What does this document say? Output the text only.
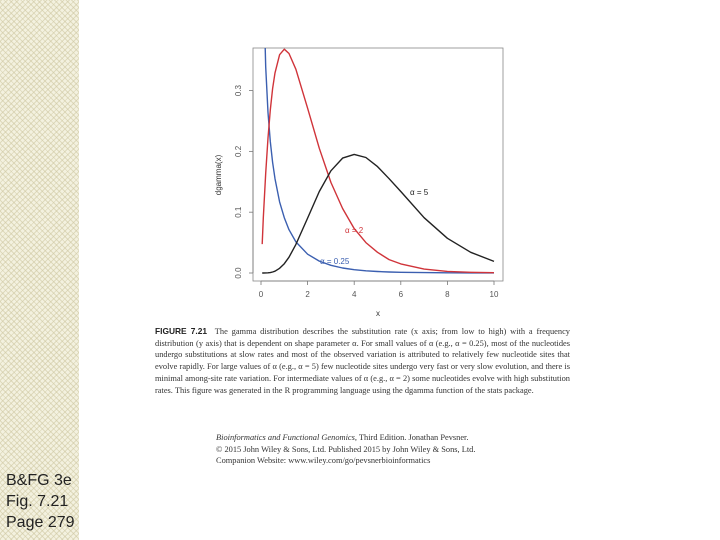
B&FG 3e
Fig. 7.21
Page 279
0	2	4	6	8	10
0.0
0.1
0.2
0.3
x
dgamma(x)	α = 5
α = 2
α = 0.25
FIGURE 7.21 The gamma distribution describes the substitution rate (x axis; from low to high) with a frequency distribution (y axis) that is dependent on shape parameter α. For small values of α (e.g., α = 0.25), most of the nucleotides undergo substitutions at slow rates and most of the observed variation is attributed to relatively few nucleotide sites that evolve rapidly. For large values of α (e.g., α = 5) few nucleotide sites undergo very fast or very slow evolution, and there is minimal among-site rate variation. For intermediate values of α (e.g., α = 2) some nucleotides evolve with high substitution rates. This figure was generated in the R programming language using the dgamma function of the stats package.
Bioinformatics and Functional Genomics, Third Edition. Jonathan Pevsner.
© 2015 John Wiley & Sons, Ltd. Published 2015 by John Wiley & Sons, Ltd.
Companion Website: www.wiley.com/go/pevsnerbioinformatics
